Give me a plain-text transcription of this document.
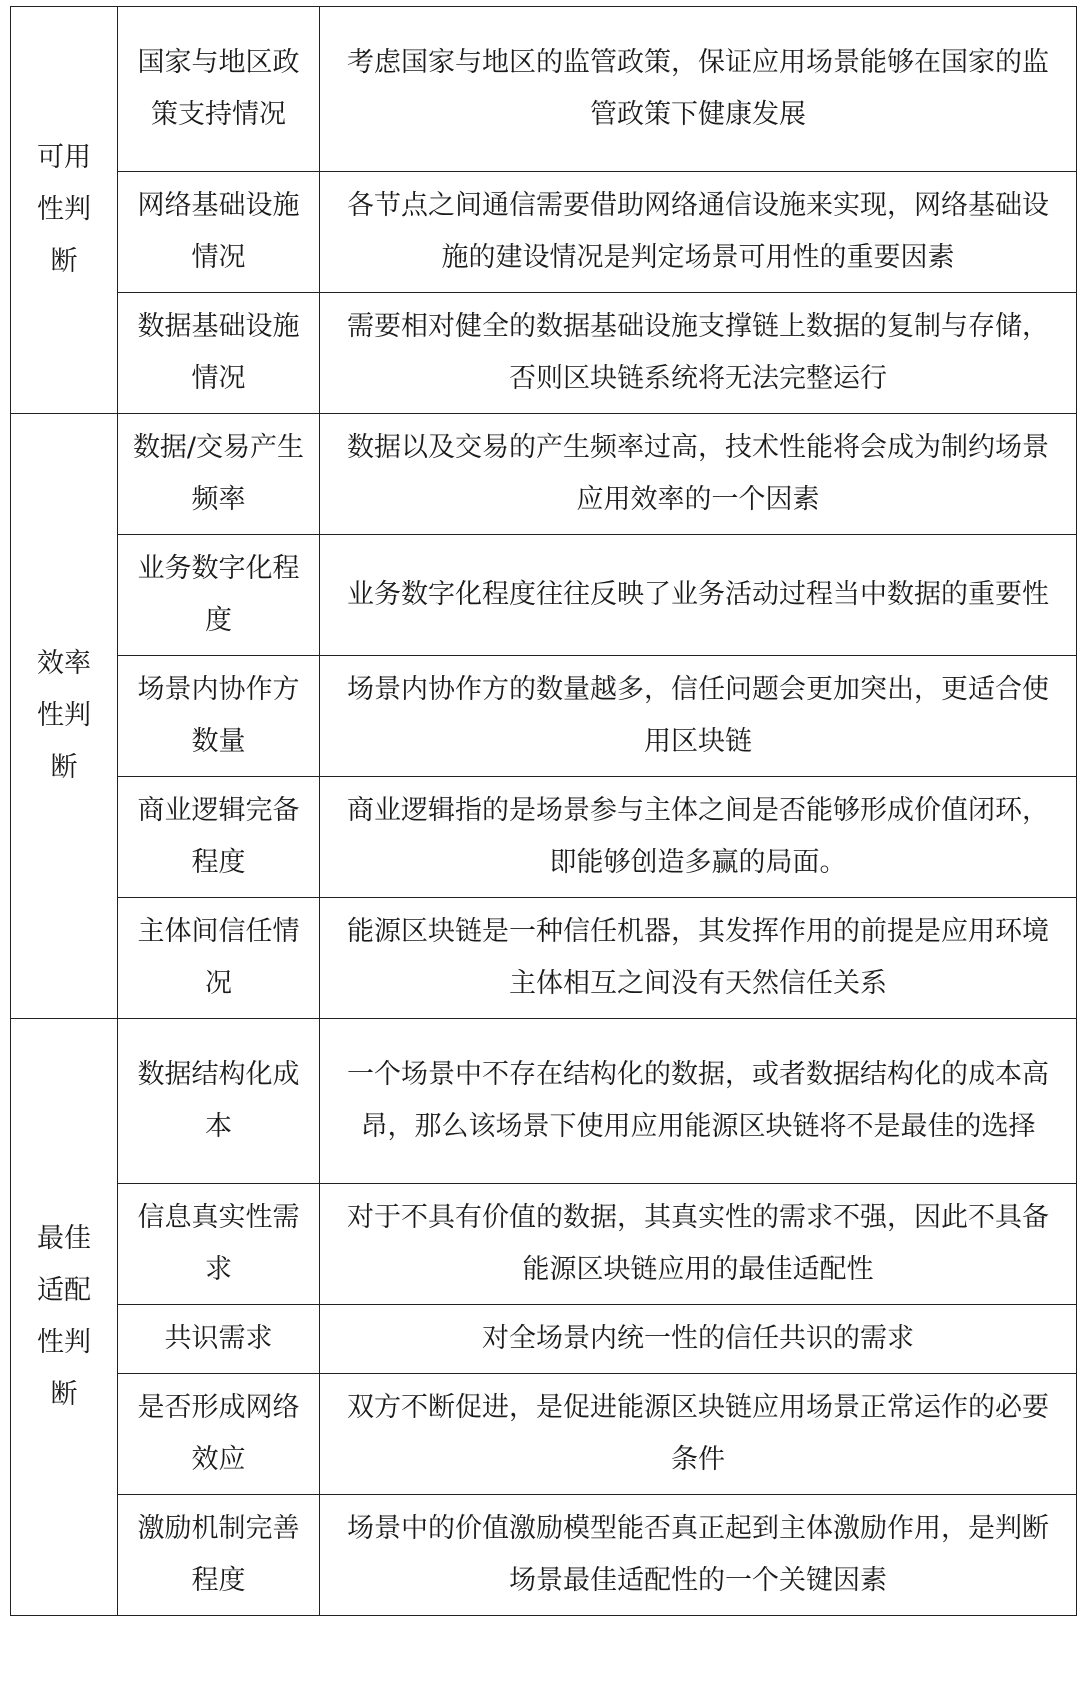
可用性判断	国家与地区政策支持情况	考虑国家与地区的监管政策，保证应用场景能够在国家的监管政策下健康发展
	网络基础设施情况	各节点之间通信需要借助网络通信设施来实现，网络基础设施的建设情况是判定场景可用性的重要因素
	数据基础设施情况	需要相对健全的数据基础设施支撑链上数据的复制与存储，否则区块链系统将无法完整运行
效率性判断	数据/交易产生频率	数据以及交易的产生频率过高，技术性能将会成为制约场景应用效率的一个因素
	业务数字化程度	业务数字化程度往往反映了业务活动过程当中数据的重要性
	场景内协作方数量	场景内协作方的数量越多，信任问题会更加突出，更适合使用区块链
	商业逻辑完备程度	商业逻辑指的是场景参与主体之间是否能够形成价值闭环，即能够创造多赢的局面。
	主体间信任情况	能源区块链是一种信任机器，其发挥作用的前提是应用环境主体相互之间没有天然信任关系
最佳适配性判断	数据结构化成本	一个场景中不存在结构化的数据，或者数据结构化的成本高昂，那么该场景下使用应用能源区块链将不是最佳的选择
	信息真实性需求	对于不具有价值的数据，其真实性的需求不强，因此不具备能源区块链应用的最佳适配性
	共识需求	对全场景内统一性的信任共识的需求
	是否形成网络效应	双方不断促进，是促进能源区块链应用场景正常运作的必要条件
	激励机制完善程度	场景中的价值激励模型能否真正起到主体激励作用，是判断场景最佳适配性的一个关键因素
